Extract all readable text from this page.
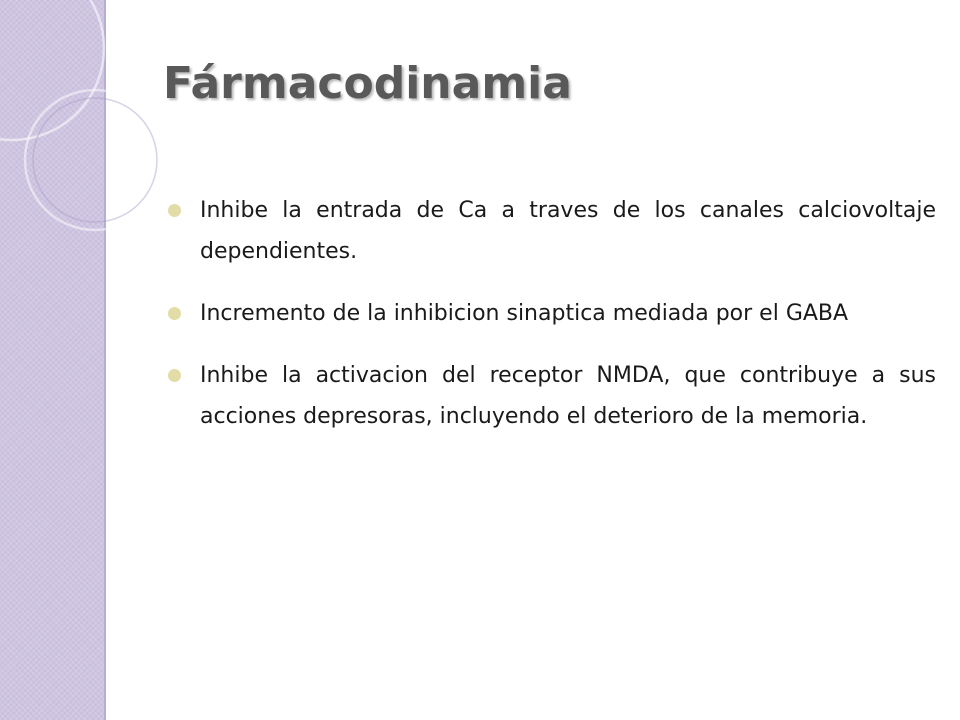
Fármacodinamia
Inhibe la entrada de Ca a traves de los canales calciovoltaje dependientes.
Incremento de la inhibicion sinaptica mediada por el GABA
Inhibe la activacion del receptor NMDA, que contribuye a sus acciones depresoras, incluyendo el deterioro de la memoria.
